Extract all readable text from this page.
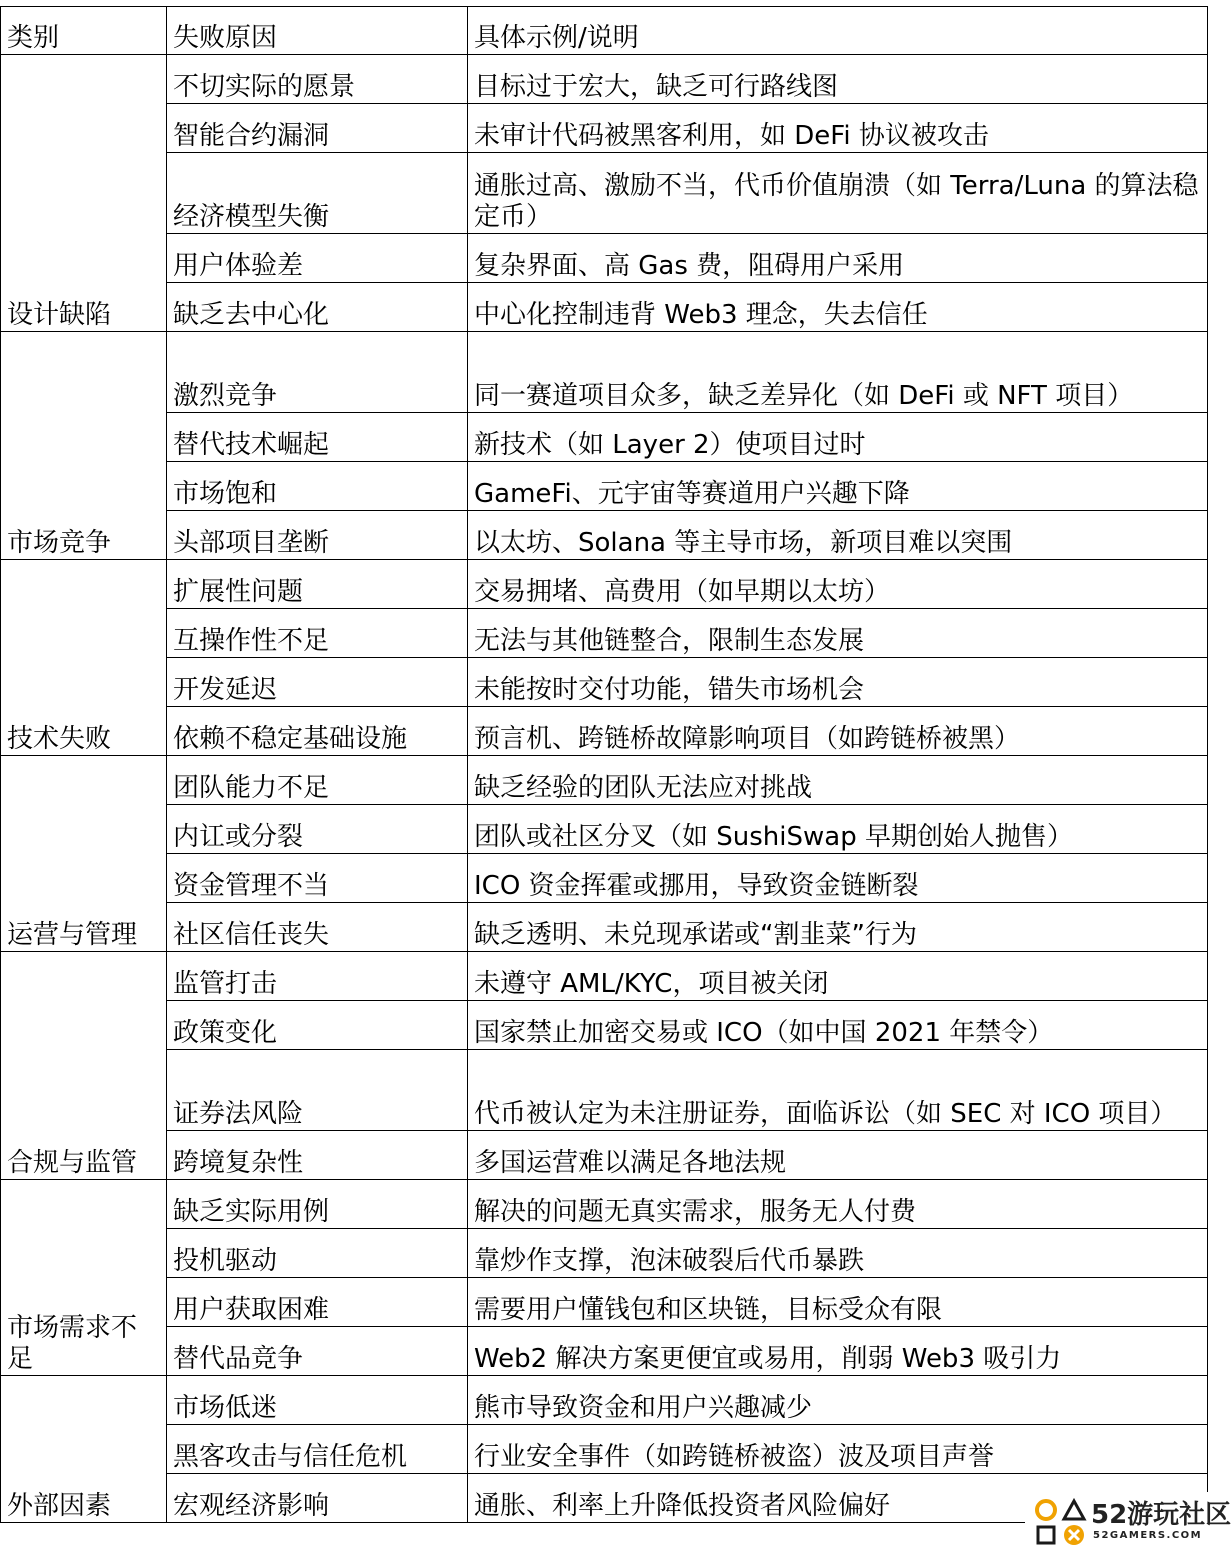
类别	失败原因	具体示例/说明
设计缺陷	不切实际的愿景	目标过于宏大，缺乏可行路线图
	智能合约漏洞	未审计代码被黑客利用，如 DeFi 协议被攻击
	经济模型失衡	通胀过高、激励不当，代币价值崩溃（如 Terra/Luna 的算法稳定币）
	用户体验差	复杂界面、高 Gas 费，阻碍用户采用
	缺乏去中心化	中心化控制违背 Web3 理念，失去信任
市场竞争	激烈竞争	同一赛道项目众多，缺乏差异化（如 DeFi 或 NFT 项目）
	替代技术崛起	新技术（如 Layer 2）使项目过时
	市场饱和	GameFi、元宇宙等赛道用户兴趣下降
	头部项目垄断	以太坊、Solana 等主导市场，新项目难以突围
技术失败	扩展性问题	交易拥堵、高费用（如早期以太坊）
	互操作性不足	无法与其他链整合，限制生态发展
	开发延迟	未能按时交付功能，错失市场机会
	依赖不稳定基础设施	预言机、跨链桥故障影响项目（如跨链桥被黑）
运营与管理	团队能力不足	缺乏经验的团队无法应对挑战
	内讧或分裂	团队或社区分叉（如 SushiSwap 早期创始人抛售）
	资金管理不当	ICO 资金挥霍或挪用，导致资金链断裂
	社区信任丧失	缺乏透明、未兑现承诺或“割韭菜”行为
合规与监管	监管打击	未遵守 AML/KYC，项目被关闭
	政策变化	国家禁止加密交易或 ICO（如中国 2021 年禁令）
	证券法风险	代币被认定为未注册证券，面临诉讼（如 SEC 对 ICO 项目）
	跨境复杂性	多国运营难以满足各地法规
市场需求不足	缺乏实际用例	解决的问题无真实需求，服务无人付费
	投机驱动	靠炒作支撑，泡沫破裂后代币暴跌
	用户获取困难	需要用户懂钱包和区块链，目标受众有限
	替代品竞争	Web2 解决方案更便宜或易用，削弱 Web3 吸引力
外部因素	市场低迷	熊市导致资金和用户兴趣减少
	黑客攻击与信任危机	行业安全事件（如跨链桥被盗）波及项目声誉
	宏观经济影响	通胀、利率上升降低投资者风险偏好	52游玩社区
52GAMERS.COM
